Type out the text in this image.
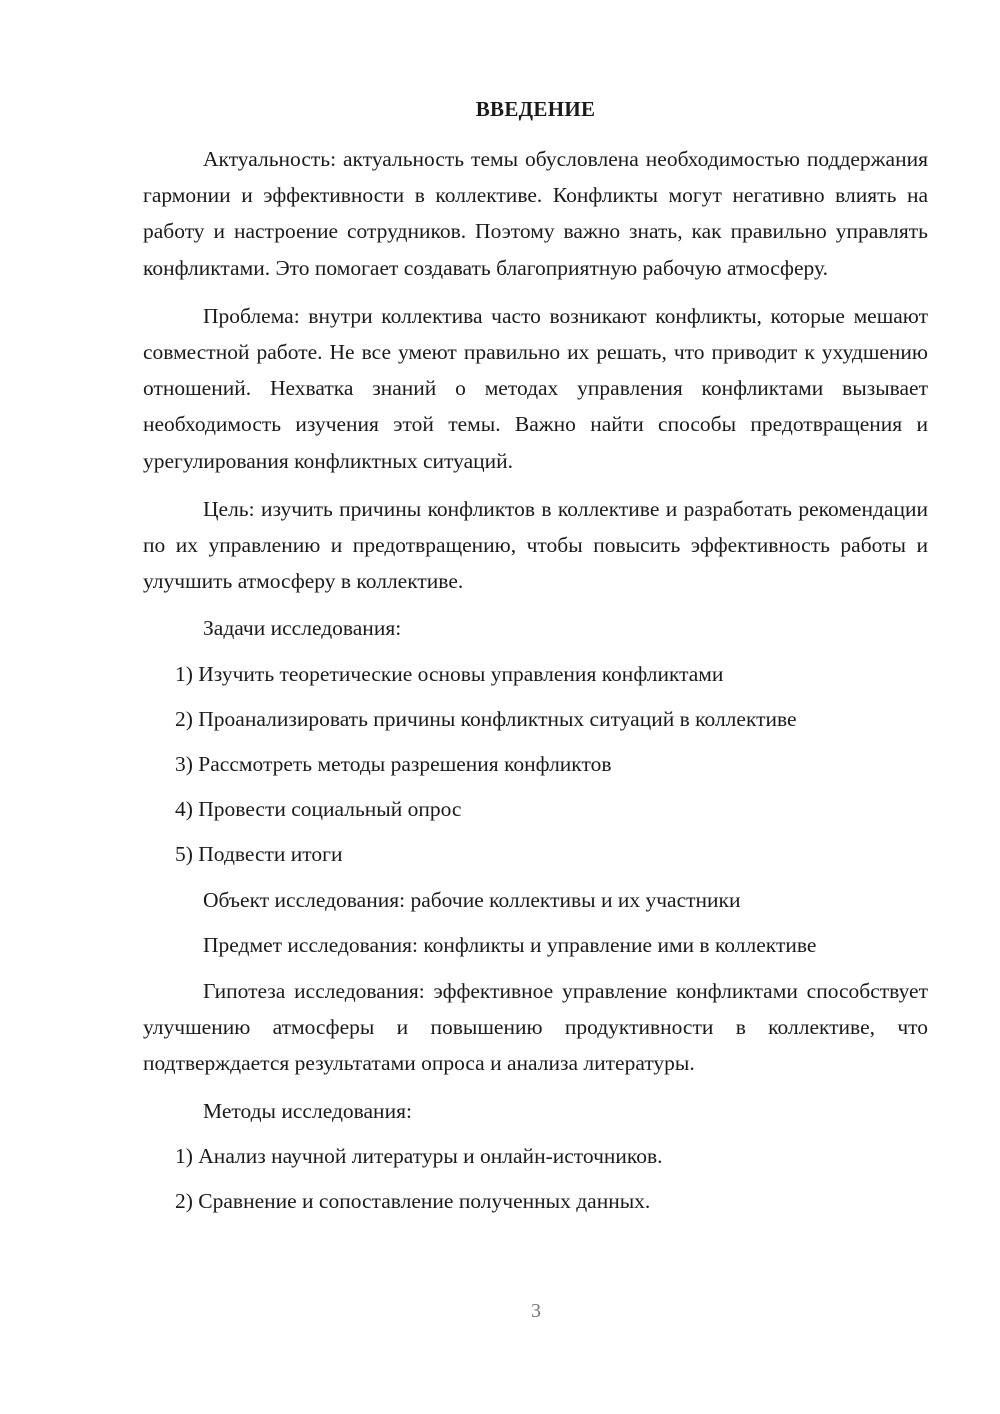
ВВЕДЕНИЕ

Актуальность: актуальность темы обусловлена необходимостью поддержания гармонии и эффективности в коллективе. Конфликты могут негативно влиять на работу и настроение сотрудников. Поэтому важно знать, как правильно управлять конфликтами. Это помогает создавать благоприятную рабочую атмосферу.

Проблема: внутри коллектива часто возникают конфликты, которые мешают совместной работе. Не все умеют правильно их решать, что приводит к ухудшению отношений. Нехватка знаний о методах управления конфликтами вызывает необходимость изучения этой темы. Важно найти способы предотвращения и урегулирования конфликтных ситуаций.

Цель: изучить причины конфликтов в коллективе и разработать рекомендации по их управлению и предотвращению, чтобы повысить эффективность работы и улучшить атмосферу в коллективе.

Задачи исследования:
1) Изучить теоретические основы управления конфликтами
2) Проанализировать причины конфликтных ситуаций в коллективе
3) Рассмотреть методы разрешения конфликтов
4) Провести социальный опрос
5) Подвести итоги
Объект исследования: рабочие коллективы и их участники
Предмет исследования: конфликты и управление ими в коллективе

Гипотеза исследования: эффективное управление конфликтами способствует улучшению атмосферы и повышению продуктивности в коллективе, что подтверждается результатами опроса и анализа литературы.

Методы исследования:
1) Анализ научной литературы и онлайн-источников.
2) Сравнение и сопоставление полученных данных.
3
